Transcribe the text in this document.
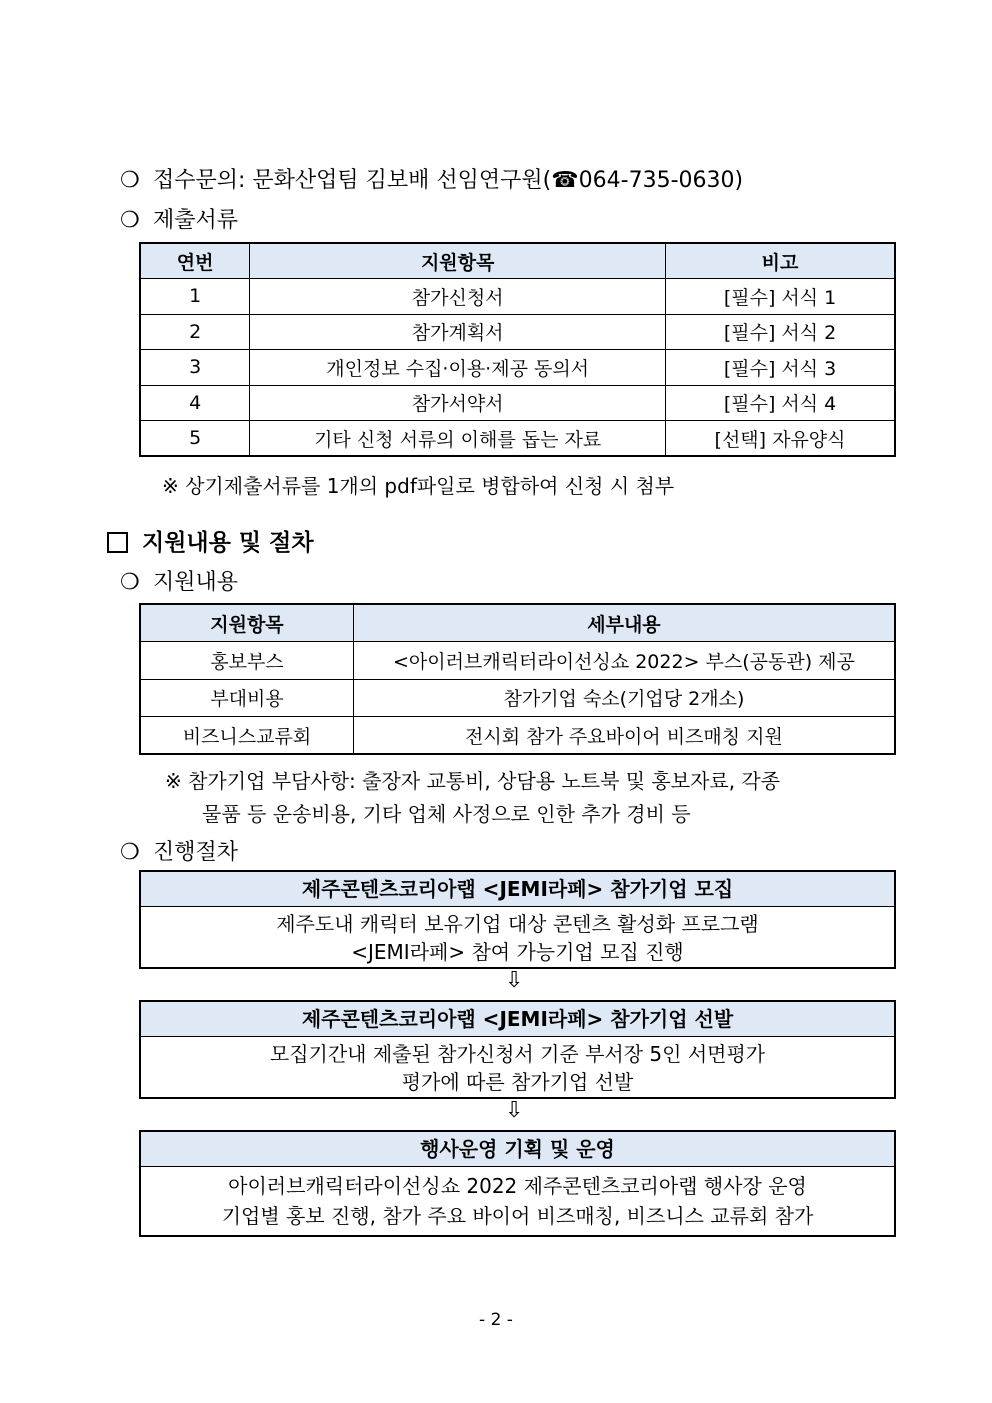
❍ 접수문의: 문화산업팀 김보배 선임연구원(☎064-735-0630)
❍ 제출서류
연번	지원항목	비고
1	참가신청서	[필수] 서식 1
2	참가계획서	[필수] 서식 2
3	개인정보 수집·이용·제공 동의서	[필수] 서식 3
4	참가서약서	[필수] 서식 4
5	기타 신청 서류의 이해를 돕는 자료	[선택] 자유양식
※ 상기제출서류를 1개의 pdf파일로 병합하여 신청 시 첨부
지원내용 및 절차
❍ 지원내용
지원항목	세부내용
홍보부스	<아이러브캐릭터라이선싱쇼 2022> 부스(공동관) 제공
부대비용	참가기업 숙소(기업당 2개소)
비즈니스교류회	전시회 참가 주요바이어 비즈매칭 지원
※ 참가기업 부담사항: 출장자 교통비, 상담용 노트북 및 홍보자료, 각종
물품 등 운송비용, 기타 업체 사정으로 인한 추가 경비 등
❍ 진행절차
제주콘텐츠코리아랩 <JEMI라페> 참가기업 모집
제주도내 캐릭터 보유기업 대상 콘텐츠 활성화 프로그램
<JEMI라페> 참여 가능기업 모집 진행
⇩
제주콘텐츠코리아랩 <JEMI라페> 참가기업 선발
모집기간내 제출된 참가신청서 기준 부서장 5인 서면평가
평가에 따른 참가기업 선발
⇩
행사운영 기획 및 운영
아이러브캐릭터라이선싱쇼 2022 제주콘텐츠코리아랩 행사장 운영
기업별 홍보 진행, 참가 주요 바이어 비즈매칭, 비즈니스 교류회 참가
- 2 -
